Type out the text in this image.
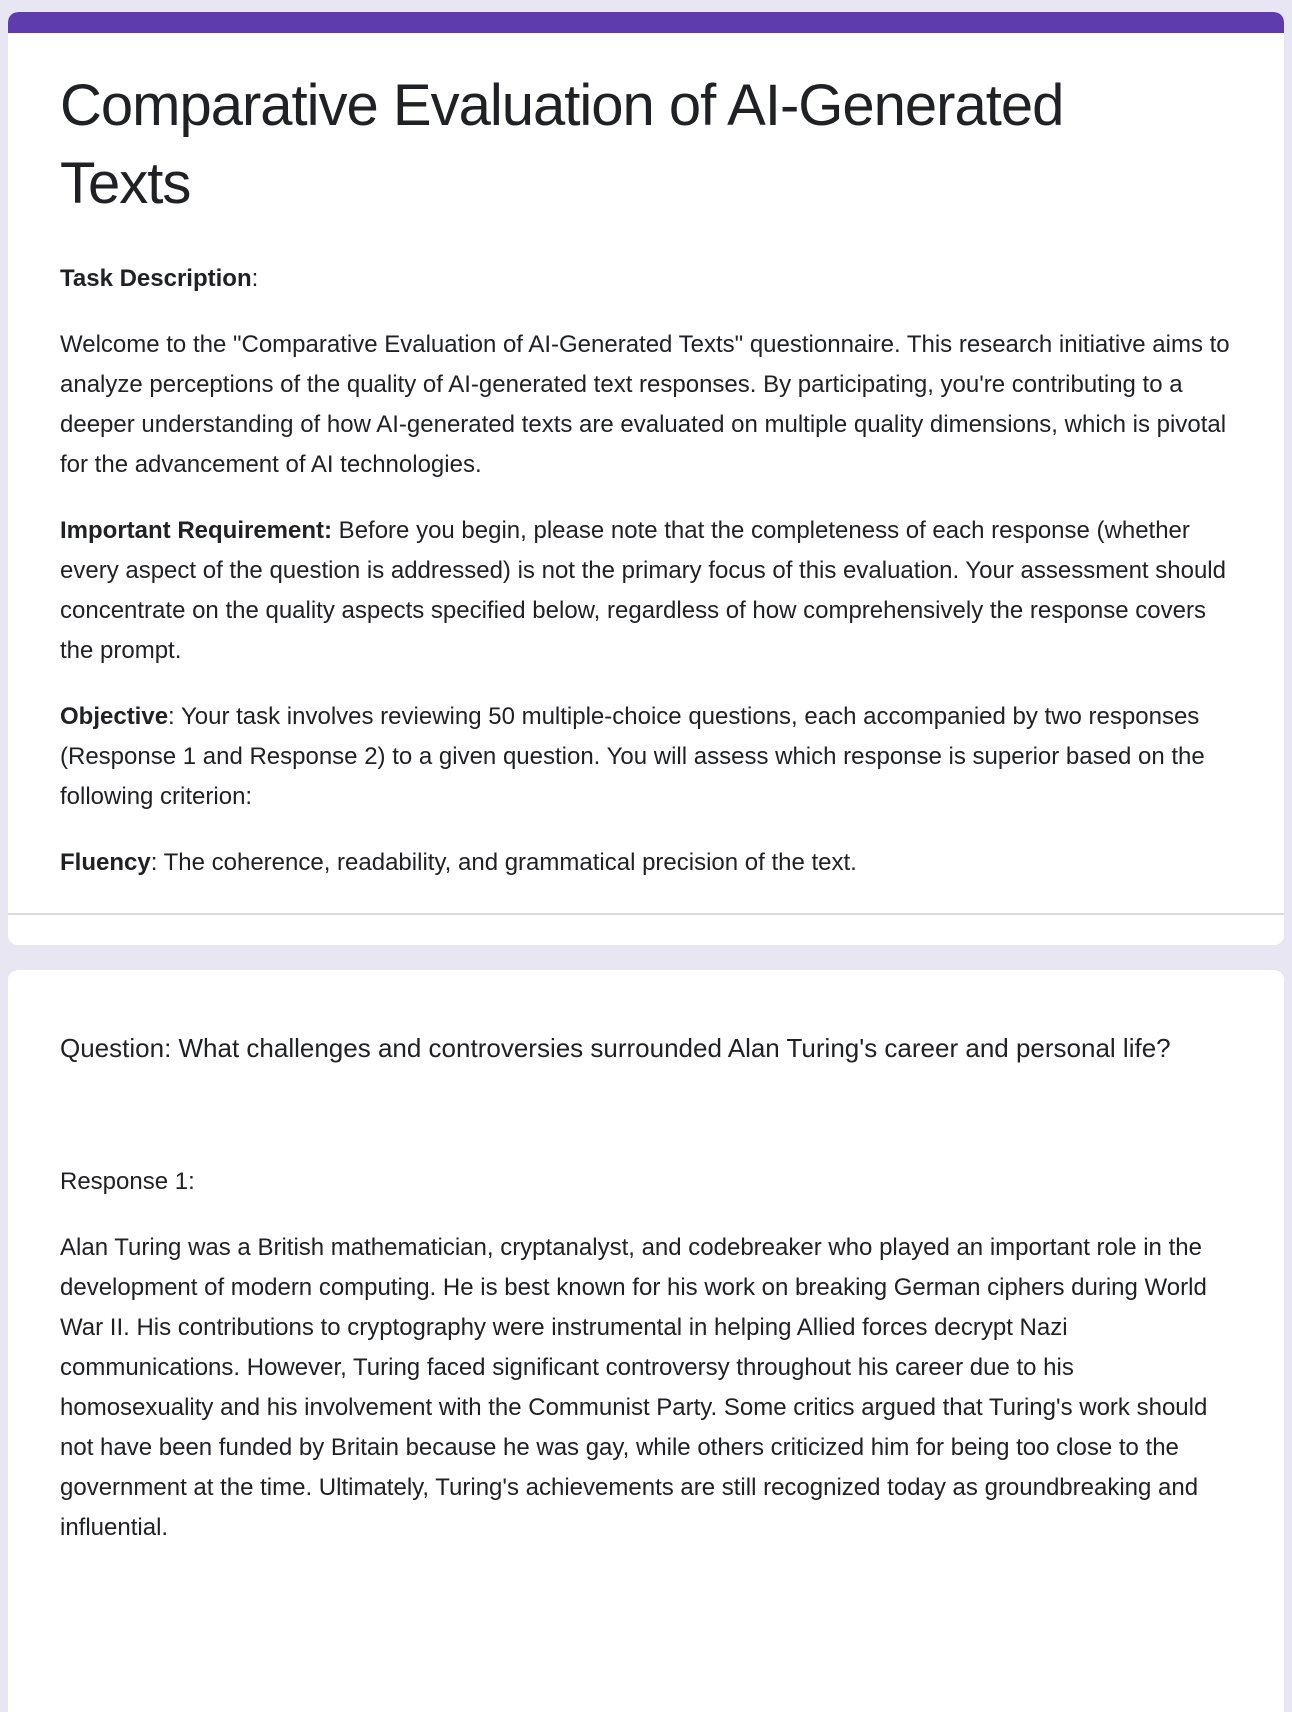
Comparative Evaluation of AI-Generated Texts

Task Description:

Welcome to the "Comparative Evaluation of AI-Generated Texts" questionnaire. This research initiative aims to analyze perceptions of the quality of AI-generated text responses. By participating, you're contributing to a deeper understanding of how AI-generated texts are evaluated on multiple quality dimensions, which is pivotal for the advancement of AI technologies.

Important Requirement: Before you begin, please note that the completeness of each response (whether every aspect of the question is addressed) is not the primary focus of this evaluation. Your assessment should concentrate on the quality aspects specified below, regardless of how comprehensively the response covers the prompt.

Objective: Your task involves reviewing 50 multiple-choice questions, each accompanied by two responses (Response 1 and Response 2) to a given question. You will assess which response is superior based on the following criterion:

Fluency: The coherence, readability, and grammatical precision of the text.

Question: What challenges and controversies surrounded Alan Turing's career and personal life?
Response 1:

Alan Turing was a British mathematician, cryptanalyst, and codebreaker who played an important role in the development of modern computing. He is best known for his work on breaking German ciphers during World War II. His contributions to cryptography were instrumental in helping Allied forces decrypt Nazi communications. However, Turing faced significant controversy throughout his career due to his homosexuality and his involvement with the Communist Party. Some critics argued that Turing's work should not have been funded by Britain because he was gay, while others criticized him for being too close to the government at the time. Ultimately, Turing's achievements are still recognized today as groundbreaking and influential.
